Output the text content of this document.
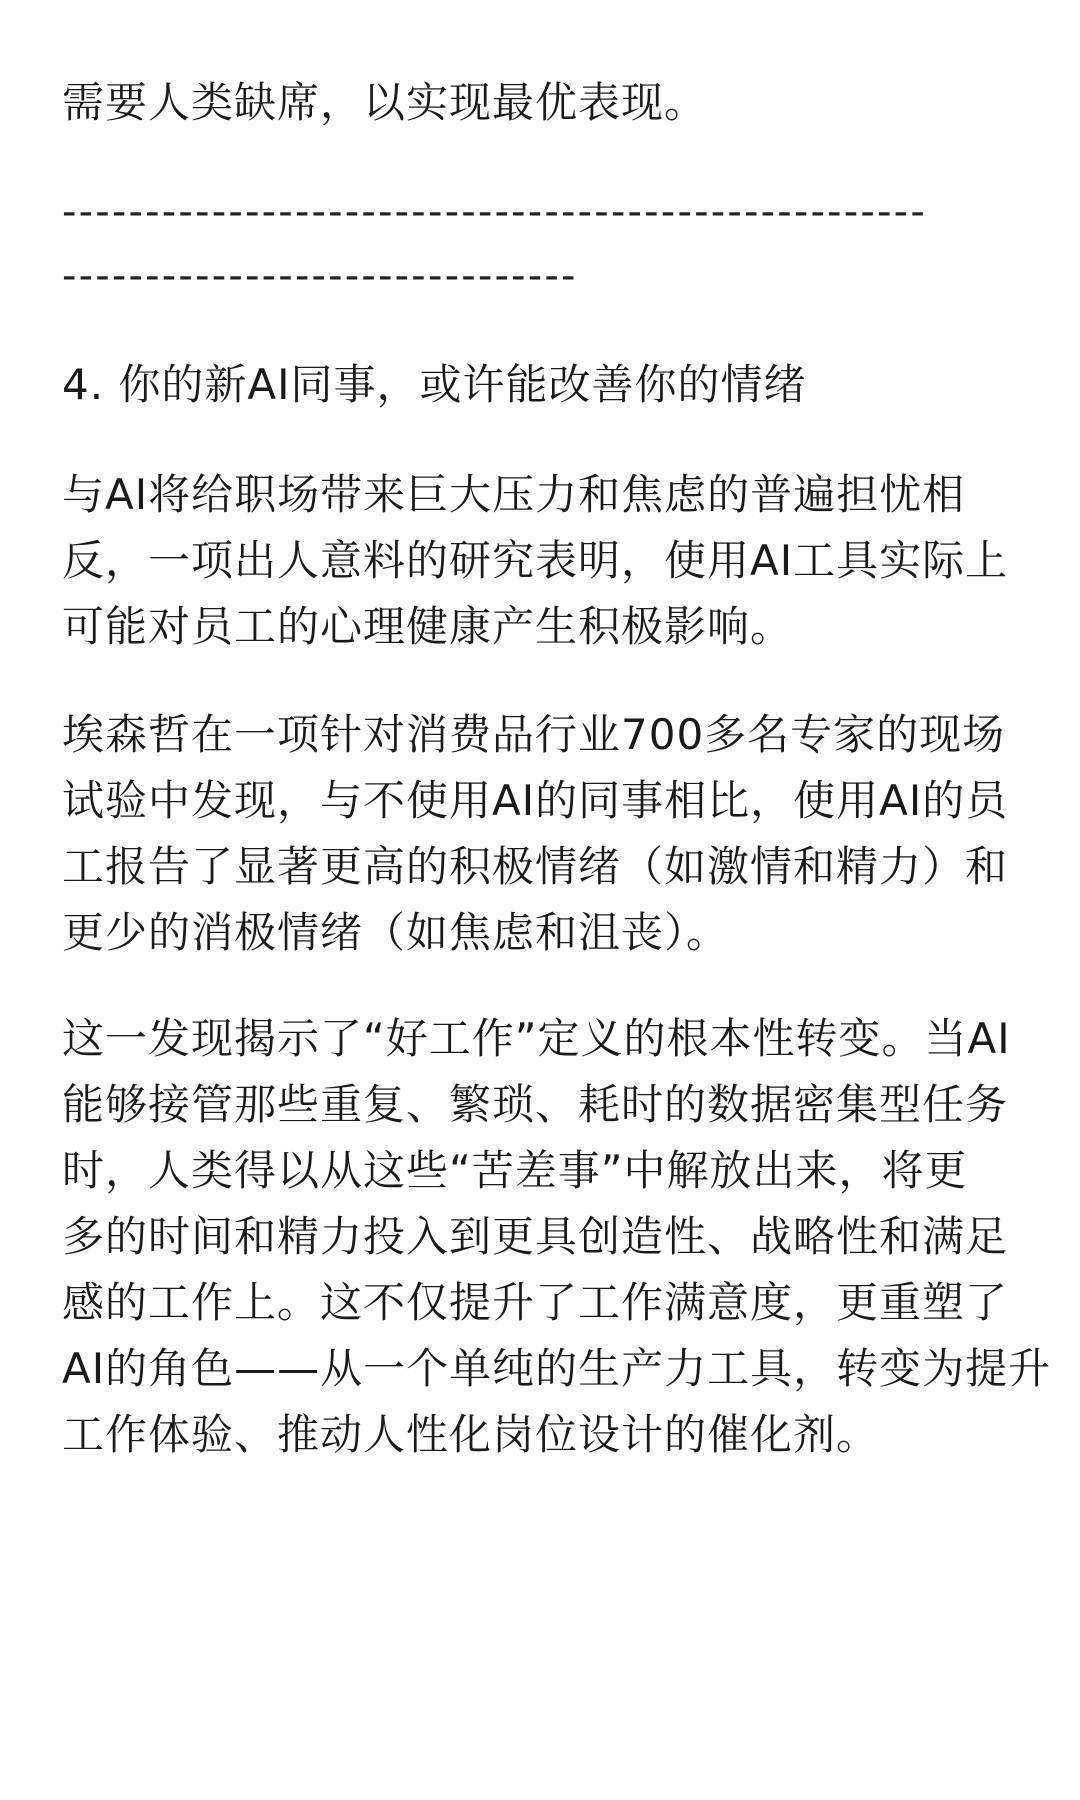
需要人类缺席，以实现最优表现。
----------------------------------------------------
-------------------------------
4. 你的新AI同事，或许能改善你的情绪
与AI将给职场带来巨大压力和焦虑的普遍担忧相
反，一项出人意料的研究表明，使用AI工具实际上
可能对员工的心理健康产生积极影响。
埃森哲在一项针对消费品行业700多名专家的现场
试验中发现，与不使用AI的同事相比，使用AI的员
工报告了显著更高的积极情绪（如激情和精力）和
更少的消极情绪（如焦虑和沮丧）。
这一发现揭示了“好工作”定义的根本性转变。当AI
能够接管那些重复、繁琐、耗时的数据密集型任务
时，人类得以从这些“苦差事”中解放出来，将更
多的时间和精力投入到更具创造性、战略性和满足
感的工作上。这不仅提升了工作满意度，更重塑了
AI的角色——从一个单纯的生产力工具，转变为提升
工作体验、推动人性化岗位设计的催化剂。
